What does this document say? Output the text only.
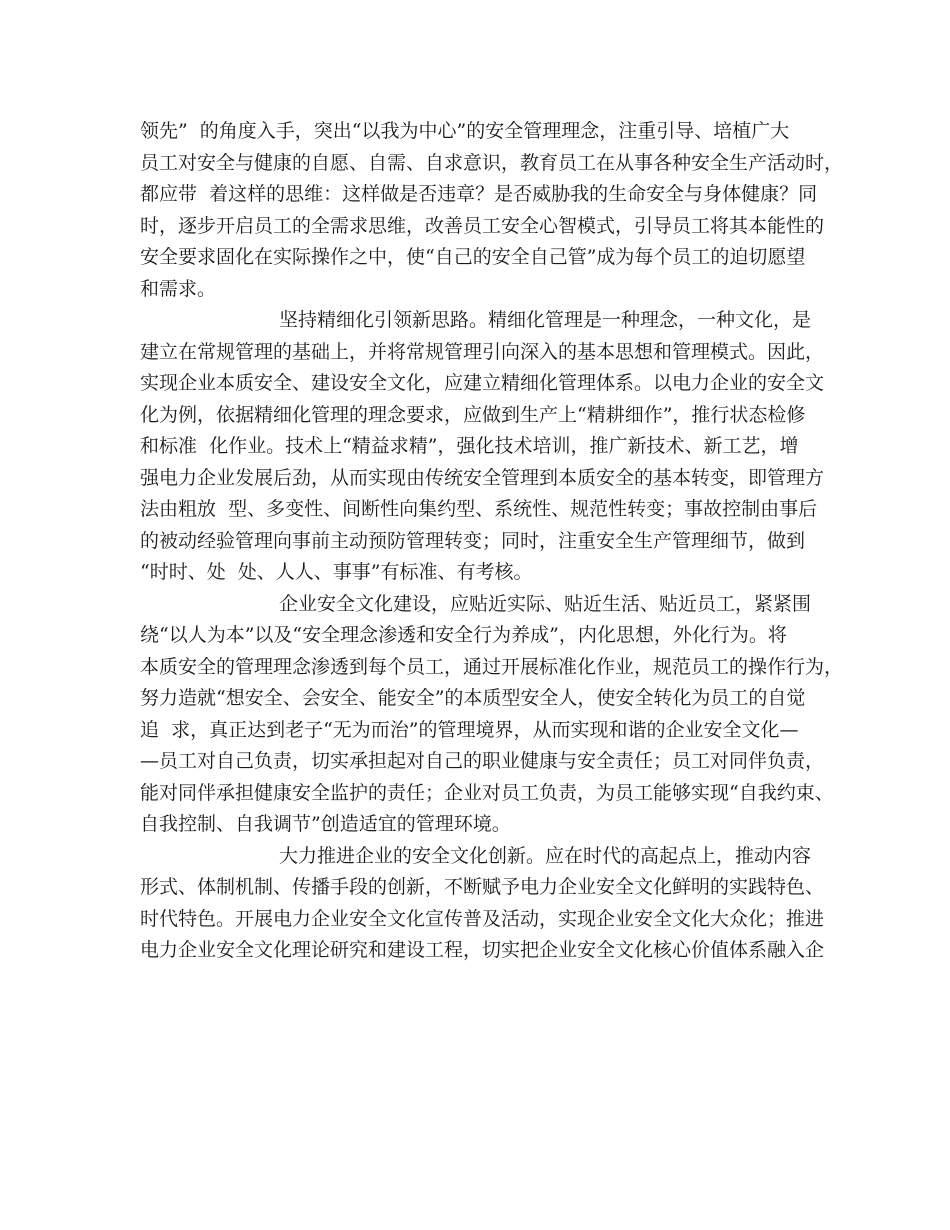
领先”  的角度入手，突出“以我为中心”的安全管理理念，注重引导、培植广大
员工对安全与健康的自愿、自需、自求意识，教育员工在从事各种安全生产活动时，
都应带  着这样的思维：这样做是否违章？是否威胁我的生命安全与身体健康？同
时，逐步开启员工的全需求思维，改善员工安全心智模式，引导员工将其本能性的
安全要求固化在实际操作之中，使“自己的安全自己管”成为每个员工的迫切愿望
和需求。
坚持精细化引领新思路。精细化管理是一种理念，一种文化，是
建立在常规管理的基础上，并将常规管理引向深入的基本思想和管理模式。因此，
实现企业本质安全、建设安全文化，应建立精细化管理体系。以电力企业的安全文
化为例，依据精细化管理的理念要求，应做到生产上“精耕细作”，推行状态检修
和标准  化作业。技术上“精益求精”，强化技术培训，推广新技术、新工艺，增
强电力企业发展后劲，从而实现由传统安全管理到本质安全的基本转变，即管理方
法由粗放  型、多变性、间断性向集约型、系统性、规范性转变；事故控制由事后
的被动经验管理向事前主动预防管理转变；同时，注重安全生产管理细节，做到
“时时、处  处、人人、事事”有标准、有考核。
企业安全文化建设，应贴近实际、贴近生活、贴近员工，紧紧围
绕“以人为本”以及“安全理念渗透和安全行为养成”，内化思想，外化行为。将
本质安全的管理理念渗透到每个员工，通过开展标准化作业，规范员工的操作行为，
努力造就“想安全、会安全、能安全”的本质型安全人，使安全转化为员工的自觉
追  求，真正达到老子“无为而治”的管理境界，从而实现和谐的企业安全文化—
—员工对自己负责，切实承担起对自己的职业健康与安全责任；员工对同伴负责，
能对同伴承担健康安全监护的责任；企业对员工负责，为员工能够实现“自我约束、
自我控制、自我调节”创造适宜的管理环境。
大力推进企业的安全文化创新。应在时代的高起点上，推动内容
形式、体制机制、传播手段的创新，不断赋予电力企业安全文化鲜明的实践特色、
时代特色。开展电力企业安全文化宣传普及活动，实现企业安全文化大众化；推进
电力企业安全文化理论研究和建设工程，切实把企业安全文化核心价值体系融入企
